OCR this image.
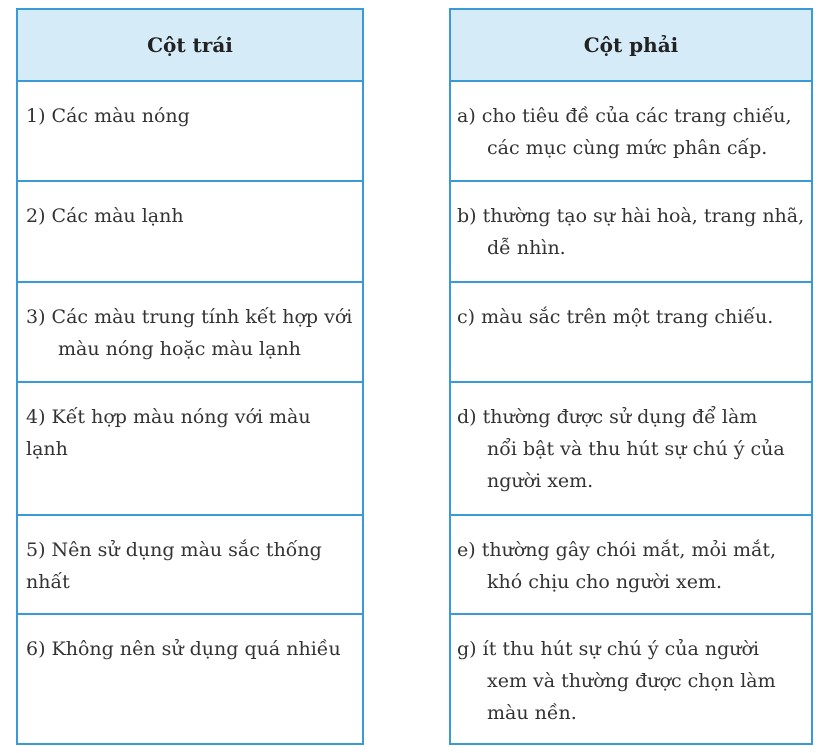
Cột trái
1) Các màu nóng
2) Các màu lạnh
3) Các màu trung tính kết hợp với
màu nóng hoặc màu lạnh
4) Kết hợp màu nóng với màu lạnh
5) Nên sử dụng màu sắc thống nhất
6) Không nên sử dụng quá nhiều
Cột phải
a) cho tiêu đề của các trang chiếu,
các mục cùng mức phân cấp.
b) thường tạo sự hài hoà, trang nhã,
dễ nhìn.
c) màu sắc trên một trang chiếu.
d) thường được sử dụng để làm
nổi bật và thu hút sự chú ý của
người xem.
e) thường gây chói mắt, mỏi mắt,
khó chịu cho người xem.
g) ít thu hút sự chú ý của người
xem và thường được chọn làm
màu nền.
